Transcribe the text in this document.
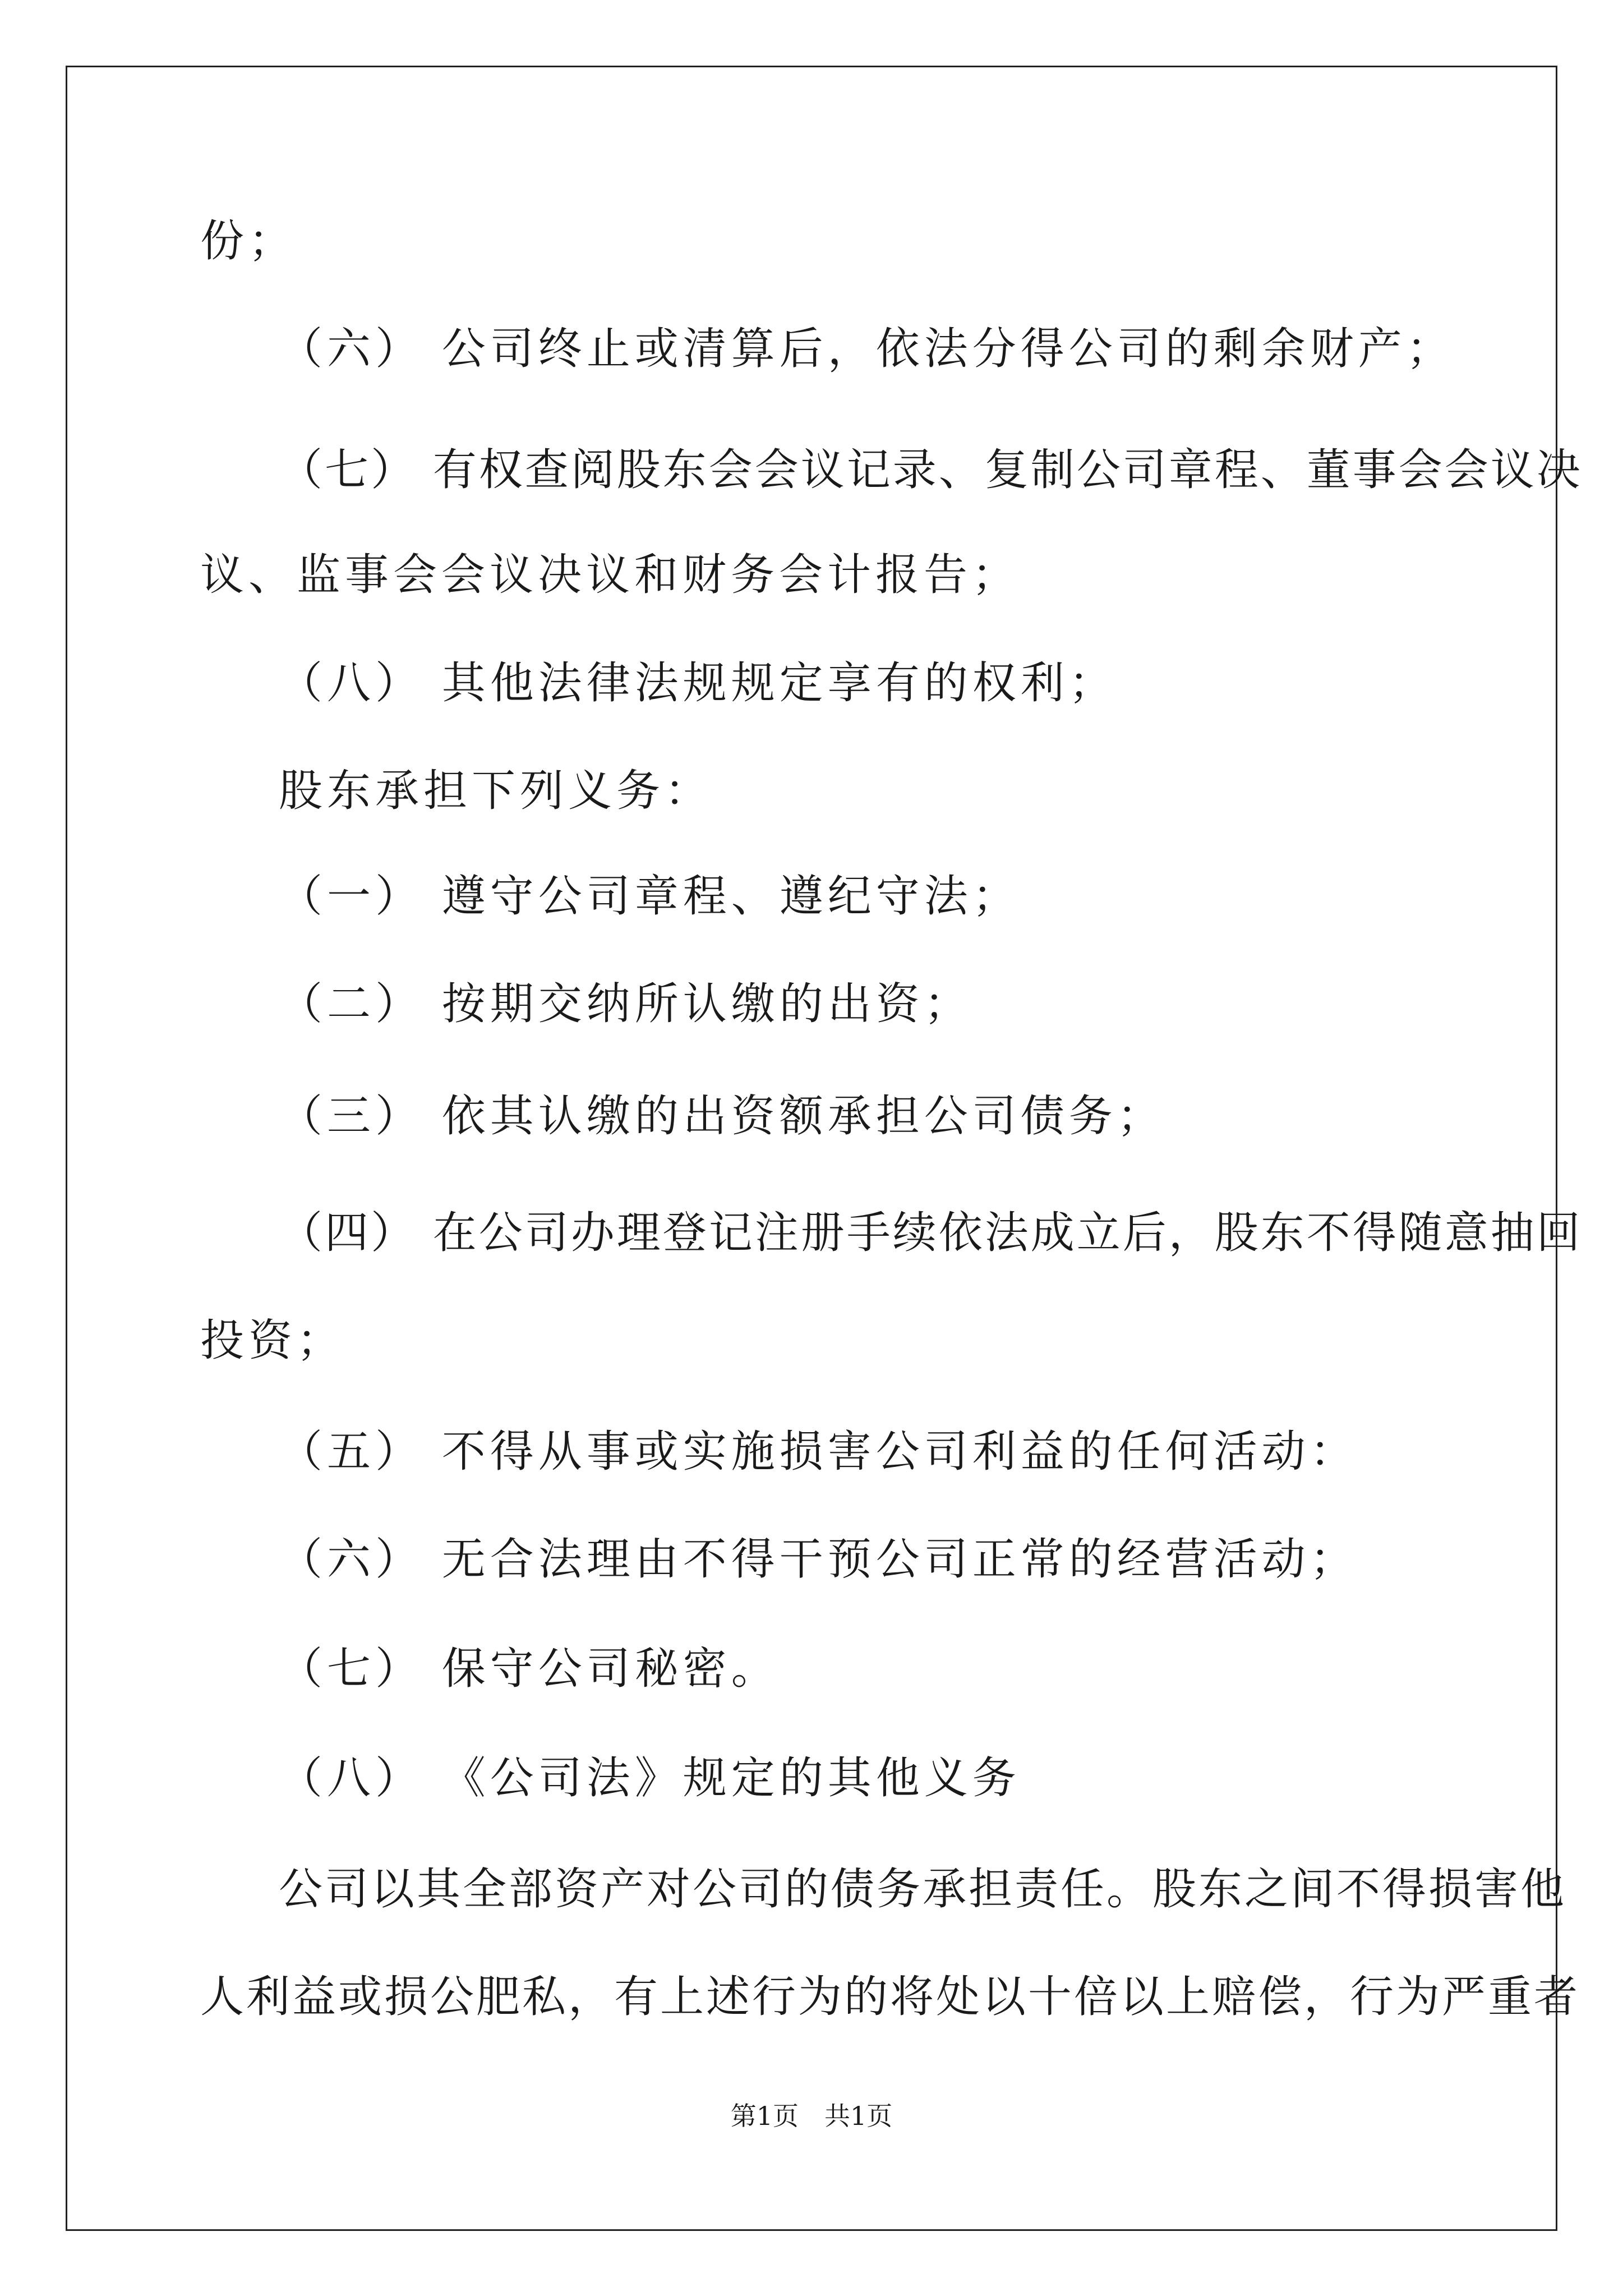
份；
（六） 公司终止或清算后，依法分得公司的剩余财产；
（七） 有权查阅股东会会议记录、复制公司章程、董事会会议决
议、监事会会议决议和财务会计报告；
（八） 其他法律法规规定享有的权利；
股东承担下列义务：
（一） 遵守公司章程、遵纪守法；
（二） 按期交纳所认缴的出资；
（三） 依其认缴的出资额承担公司债务；
（四） 在公司办理登记注册手续依法成立后，股东不得随意抽回
投资；
（五） 不得从事或实施损害公司利益的任何活动：
（六） 无合法理由不得干预公司正常的经营活动；
（七） 保守公司秘密。
（八） 《公司法》规定的其他义务
公司以其全部资产对公司的债务承担责任。股东之间不得损害他
人利益或损公肥私，有上述行为的将处以十倍以上赔偿，行为严重者
第1页　共1页
